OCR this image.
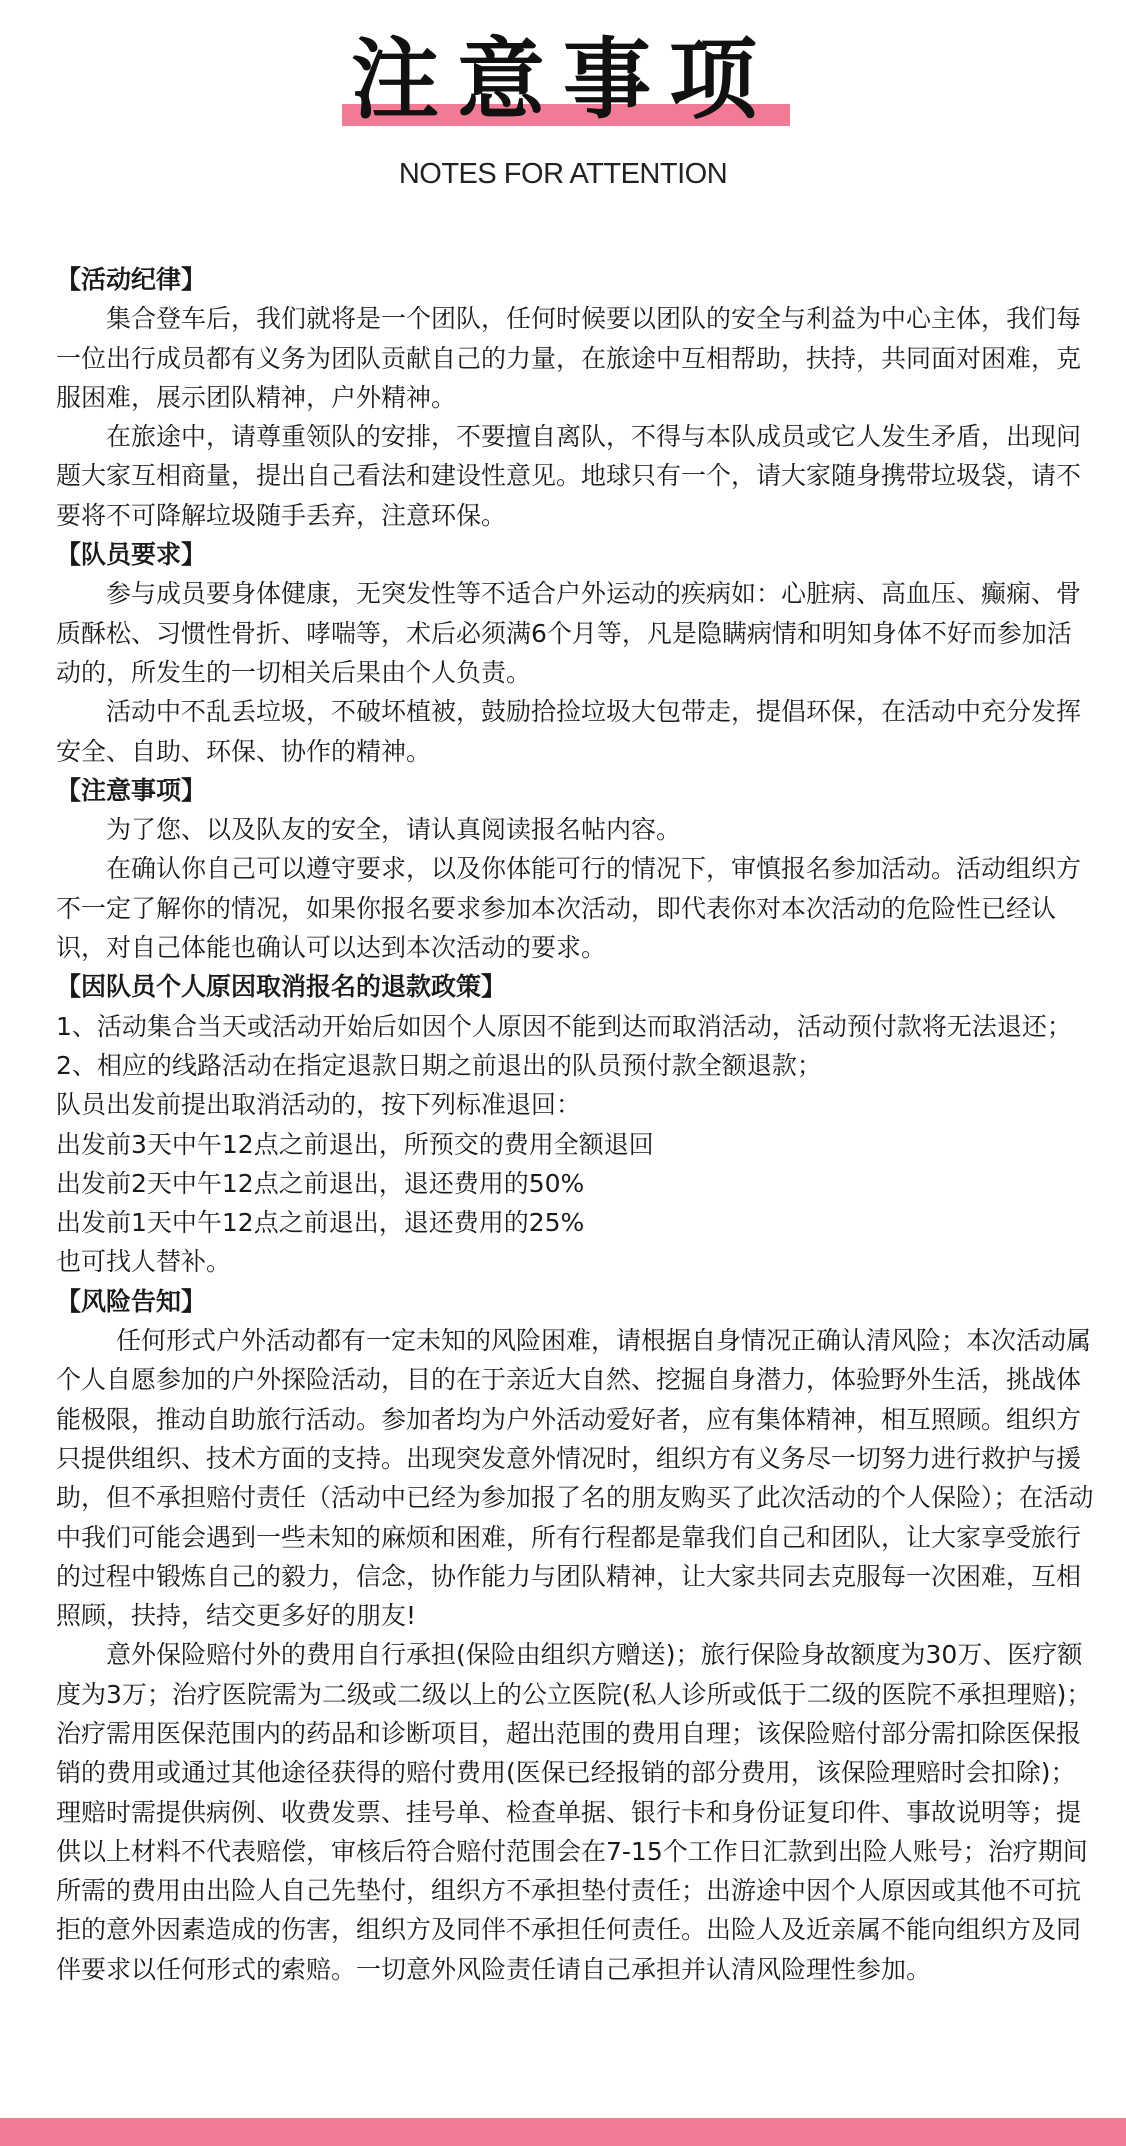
注意事项
NOTES FOR ATTENTION

【活动纪律】

集合登车后，我们就将是一个团队，任何时候要以团队的安全与利益为中心主体，我们每一位出行成员都有义务为团队贡献自己的力量，在旅途中互相帮助，扶持，共同面对困难，克服困难，展示团队精神，户外精神。

在旅途中，请尊重领队的安排，不要擅自离队，不得与本队成员或它人发生矛盾，出现问题大家互相商量，提出自己看法和建设性意见。地球只有一个，请大家随身携带垃圾袋，请不要将不可降解垃圾随手丢弃，注意环保。

【队员要求】

参与成员要身体健康，无突发性等不适合户外运动的疾病如：心脏病、高血压、癫痫、骨质酥松、习惯性骨折、哮喘等，术后必须满6个月等，凡是隐瞒病情和明知身体不好而参加活动的，所发生的一切相关后果由个人负责。

活动中不乱丢垃圾，不破坏植被，鼓励拾捡垃圾大包带走，提倡环保，在活动中充分发挥安全、自助、环保、协作的精神。

【注意事项】

为了您、以及队友的安全，请认真阅读报名帖内容。

在确认你自己可以遵守要求，以及你体能可行的情况下，审慎报名参加活动。活动组织方不一定了解你的情况，如果你报名要求参加本次活动，即代表你对本次活动的危险性已经认识，对自己体能也确认可以达到本次活动的要求。

【因队员个人原因取消报名的退款政策】

1、活动集合当天或活动开始后如因个人原因不能到达而取消活动，活动预付款将无法退还；

2、相应的线路活动在指定退款日期之前退出的队员预付款全额退款；

队员出发前提出取消活动的，按下列标准退回：

出发前3天中午12点之前退出，所预交的费用全额退回

出发前2天中午12点之前退出，退还费用的50%

出发前1天中午12点之前退出，退还费用的25%

也可找人替补。

【风险告知】

任何形式户外活动都有一定未知的风险困难，请根据自身情况正确认清风险；本次活动属个人自愿参加的户外探险活动，目的在于亲近大自然、挖掘自身潜力，体验野外生活，挑战体能极限，推动自助旅行活动。参加者均为户外活动爱好者，应有集体精神，相互照顾。组织方只提供组织、技术方面的支持。出现突发意外情况时，组织方有义务尽一切努力进行救护与援助，但不承担赔付责任（活动中已经为参加报了名的朋友购买了此次活动的个人保险）；在活动中我们可能会遇到一些未知的麻烦和困难，所有行程都是靠我们自己和团队，让大家享受旅行的过程中锻炼自己的毅力，信念，协作能力与团队精神，让大家共同去克服每一次困难，互相照顾，扶持，结交更多好的朋友!

意外保险赔付外的费用自行承担(保险由组织方赠送)；旅行保险身故额度为30万、医疗额度为3万；治疗医院需为二级或二级以上的公立医院(私人诊所或低于二级的医院不承担理赔)；治疗需用医保范围内的药品和诊断项目，超出范围的费用自理；该保险赔付部分需扣除医保报销的费用或通过其他途径获得的赔付费用(医保已经报销的部分费用，该保险理赔时会扣除)；理赔时需提供病例、收费发票、挂号单、检查单据、银行卡和身份证复印件、事故说明等；提供以上材料不代表赔偿，审核后符合赔付范围会在7-15个工作日汇款到出险人账号；治疗期间所需的费用由出险人自己先垫付，组织方不承担垫付责任；出游途中因个人原因或其他不可抗拒的意外因素造成的伤害，组织方及同伴不承担任何责任。出险人及近亲属不能向组织方及同伴要求以任何形式的索赔。一切意外风险责任请自己承担并认清风险理性参加。
